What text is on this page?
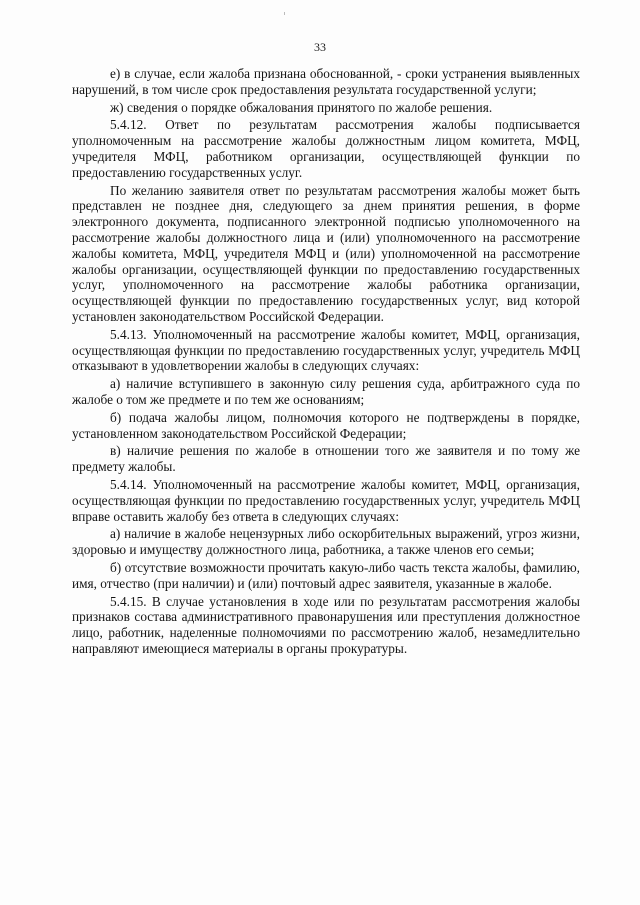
33

е) в случае, если жалоба признана обоснованной, - сроки устранения выявленных нарушений, в том числе срок предоставления результата государственной услуги;

ж) сведения о порядке обжалования принятого по жалобе решения.

5.4.12. Ответ по результатам рассмотрения жалобы подписывается уполномоченным на рассмотрение жалобы должностным лицом комитета, МФЦ, учредителя МФЦ, работником организации, осуществляющей функции по предоставлению государственных услуг.

По желанию заявителя ответ по результатам рассмотрения жалобы может быть представлен не позднее дня, следующего за днем принятия решения, в форме электронного документа, подписанного электронной подписью уполномоченного на рассмотрение жалобы должностного лица и (или) уполномоченного на рассмотрение жалобы комитета, МФЦ, учредителя МФЦ и (или) уполномоченной на рассмотрение жалобы организации, осуществляющей функции по предоставлению государственных услуг, уполномоченного на рассмотрение жалобы работника организации, осуществляющей функции по предоставлению государственных услуг, вид которой установлен законодательством Российской Федерации.

5.4.13. Уполномоченный на рассмотрение жалобы комитет, МФЦ, организация, осуществляющая функции по предоставлению государственных услуг, учредитель МФЦ отказывают в удовлетворении жалобы в следующих случаях:

а) наличие вступившего в законную силу решения суда, арбитражного суда по жалобе о том же предмете и по тем же основаниям;

б) подача жалобы лицом, полномочия которого не подтверждены в порядке, установленном законодательством Российской Федерации;

в) наличие решения по жалобе в отношении того же заявителя и по тому же предмету жалобы.

5.4.14. Уполномоченный на рассмотрение жалобы комитет, МФЦ, организация, осуществляющая функции по предоставлению государственных услуг, учредитель МФЦ вправе оставить жалобу без ответа в следующих случаях:

а) наличие в жалобе нецензурных либо оскорбительных выражений, угроз жизни, здоровью и имуществу должностного лица, работника, а также членов его семьи;

б) отсутствие возможности прочитать какую-либо часть текста жалобы, фамилию, имя, отчество (при наличии) и (или) почтовый адрес заявителя, указанные в жалобе.

5.4.15. В случае установления в ходе или по результатам рассмотрения жалобы признаков состава административного правонарушения или преступления должностное лицо, работник, наделенные полномочиями по рассмотрению жалоб, незамедлительно направляют имеющиеся материалы в органы прокуратуры.
